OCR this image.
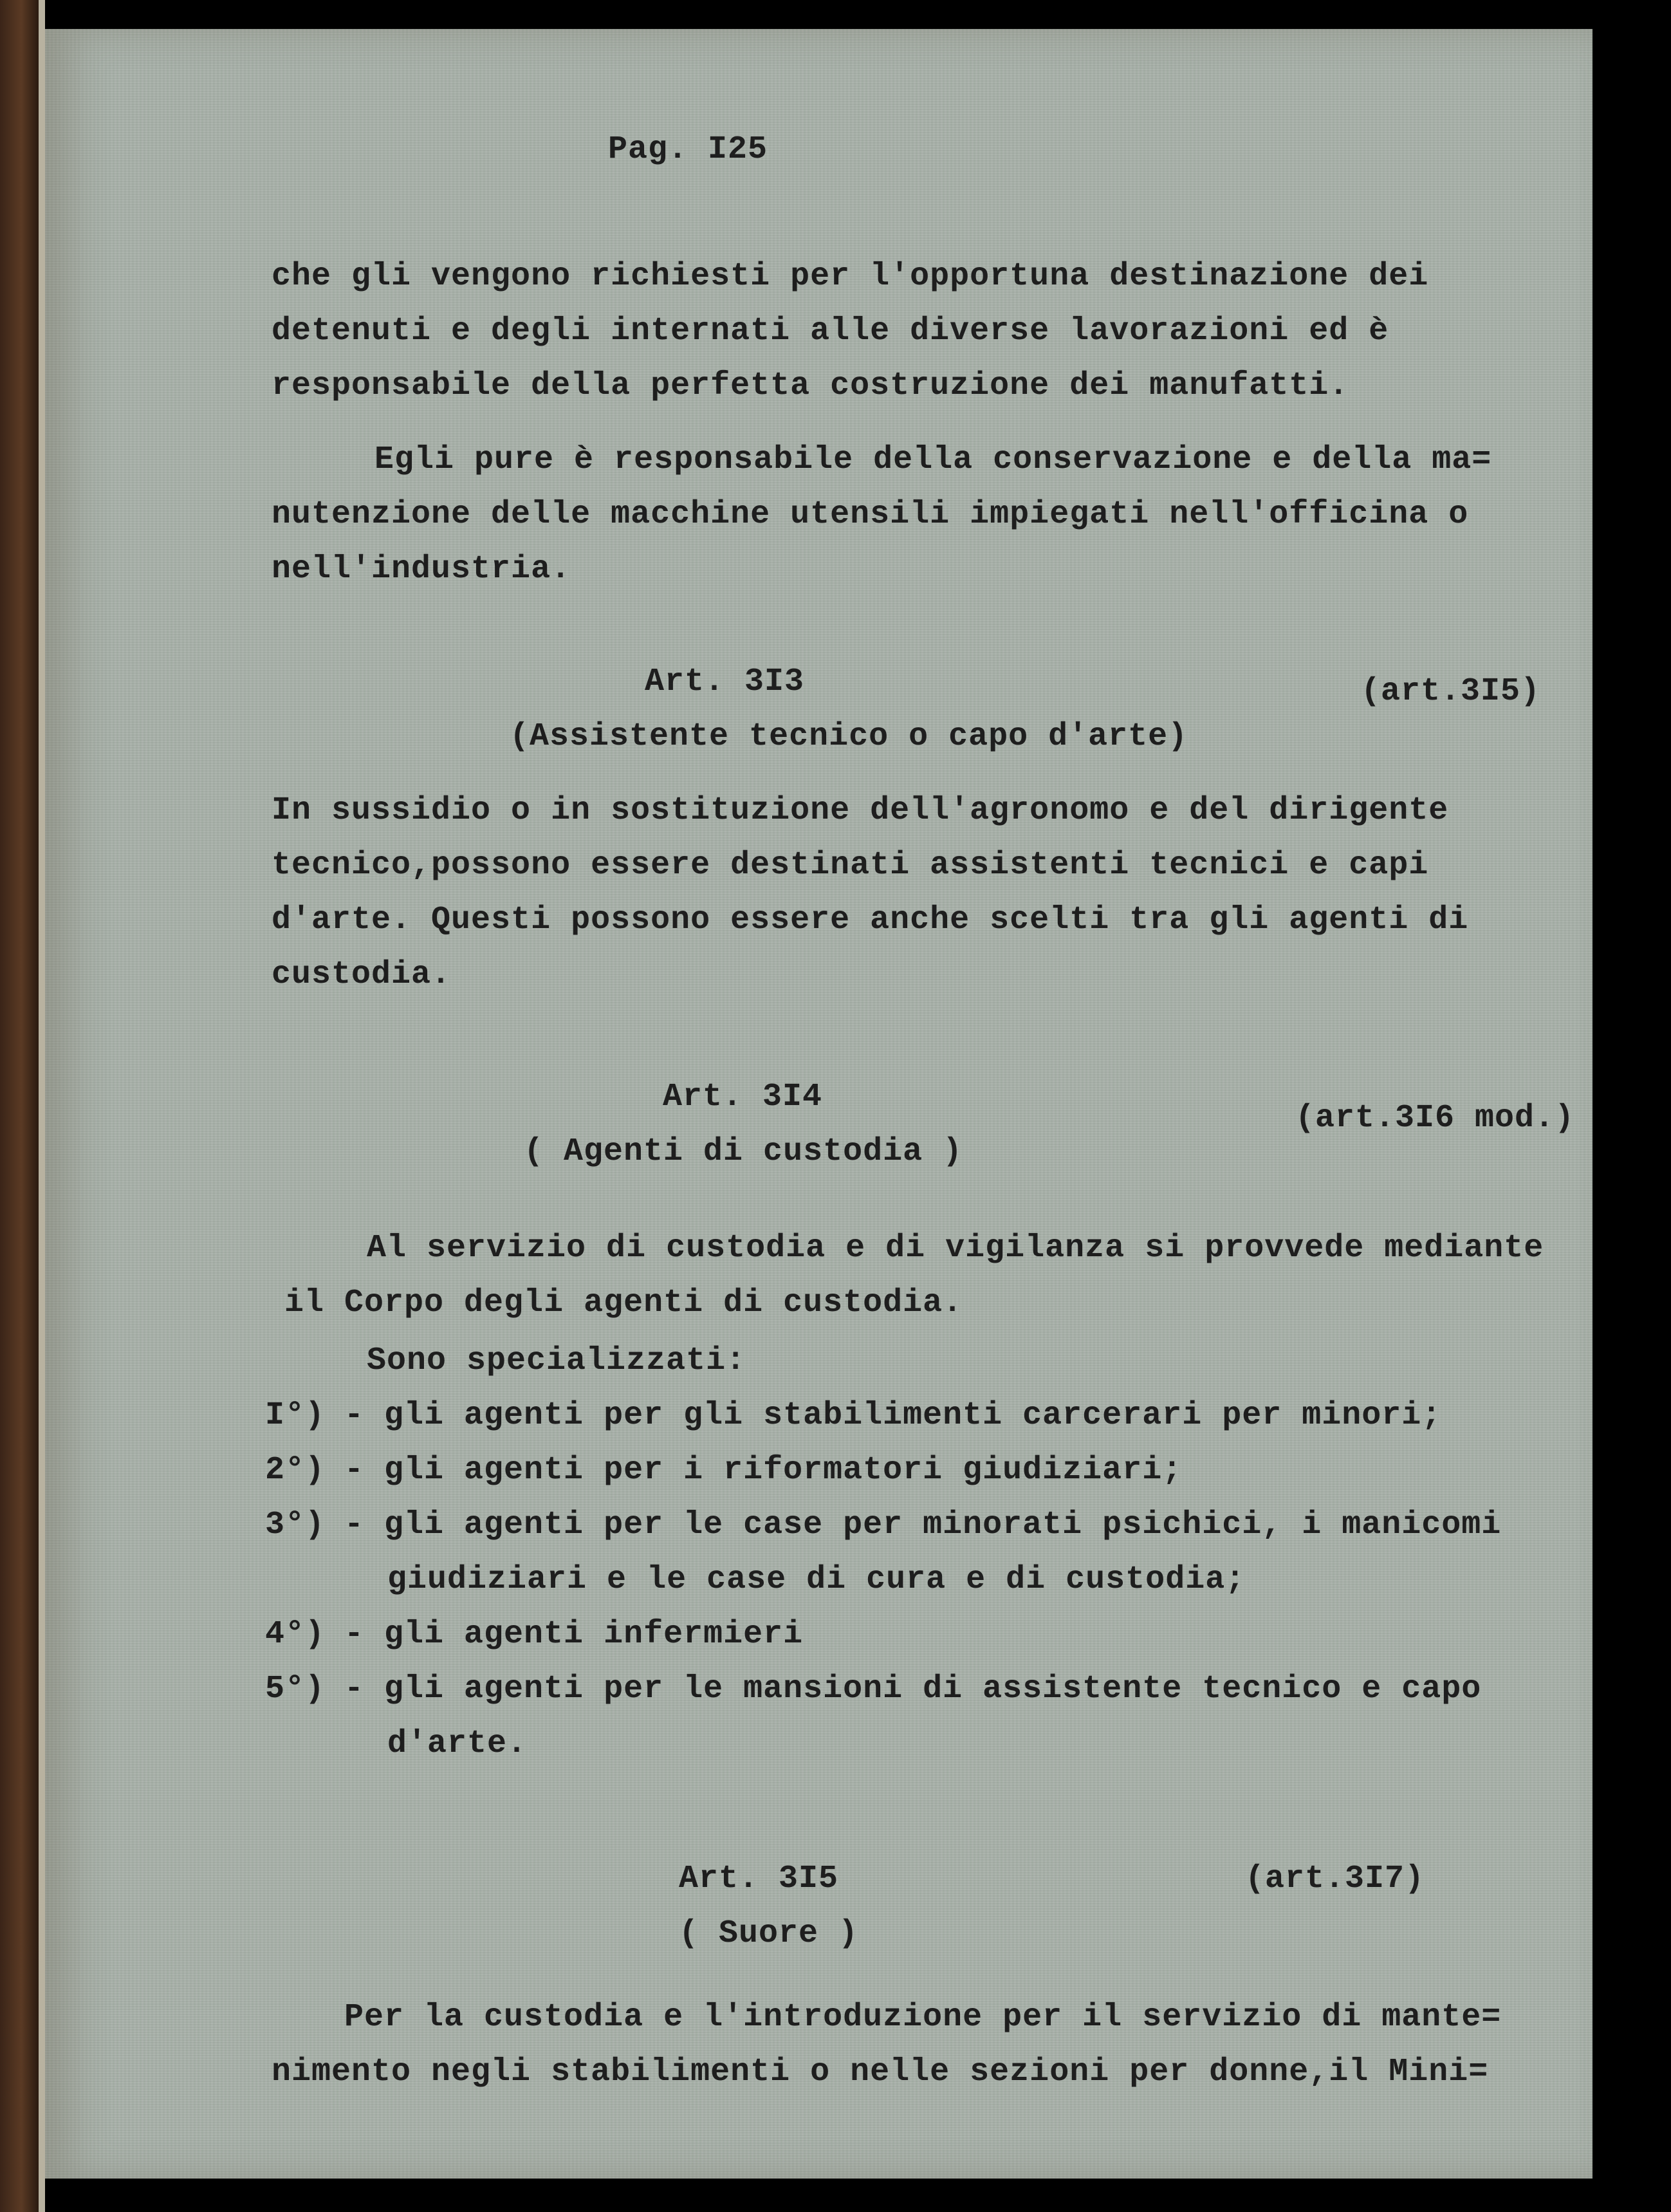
Pag. I25
che gli vengono richiesti per l'opportuna destinazione dei
detenuti e degli internati alle diverse lavorazioni ed è
responsabile della perfetta costruzione dei manufatti.
Egli pure è responsabile della conservazione e della ma=
nutenzione delle macchine utensili impiegati nell'officina o
nell'industria.
Art. 3I3	(art.3I5)
(Assistente tecnico o capo d'arte)
In sussidio o in sostituzione dell'agronomo e del dirigente
tecnico,possono essere destinati assistenti tecnici e capi
d'arte. Questi possono essere anche scelti tra gli agenti di
custodia.
Art. 3I4
(art.3I6 mod.)
( Agenti di custodia )
Al servizio di custodia e di vigilanza si provvede mediante
il Corpo degli agenti di custodia.
Sono specializzati:
I°) - gli agenti per gli stabilimenti carcerari per minori;
2°) - gli agenti per i riformatori giudiziari;
3°) - gli agenti per le case per minorati psichici, i manicomi
giudiziari e le case di cura e di custodia;
4°) - gli agenti infermieri
5°) - gli agenti per le mansioni di assistente tecnico e capo
d'arte.
Art. 3I5	(art.3I7)
( Suore )
Per la custodia e l'introduzione per il servizio di mante=
nimento negli stabilimenti o nelle sezioni per donne,il Mini=
